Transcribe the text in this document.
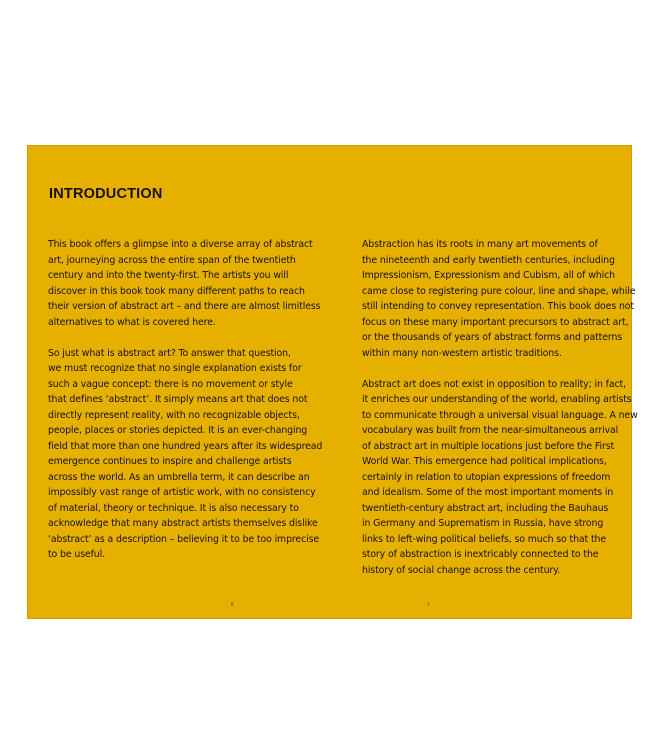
INTRODUCTION
This book offers a glimpse into a diverse array of abstract
art, journeying across the entire span of the twentieth
century and into the twenty-first. The artists you will
discover in this book took many different paths to reach
their version of abstract art – and there are almost limitless
alternatives to what is covered here.
So just what is abstract art? To answer that question,
we must recognize that no single explanation exists for
such a vague concept: there is no movement or style
that defines ‘abstract’. It simply means art that does not
directly represent reality, with no recognizable objects,
people, places or stories depicted. It is an ever-changing
field that more than one hundred years after its widespread
emergence continues to inspire and challenge artists
across the world. As an umbrella term, it can describe an
impossibly vast range of artistic work, with no consistency
of material, theory or technique. It is also necessary to
acknowledge that many abstract artists themselves dislike
‘abstract’ as a description – believing it to be too imprecise
to be useful.
Abstraction has its roots in many art movements of
the nineteenth and early twentieth centuries, including
Impressionism, Expressionism and Cubism, all of which
came close to registering pure colour, line and shape, while
still intending to convey representation. This book does not
focus on these many important precursors to abstract art,
or the thousands of years of abstract forms and patterns
within many non-western artistic traditions.
Abstract art does not exist in opposition to reality; in fact,
it enriches our understanding of the world, enabling artists
to communicate through a universal visual language. A new
vocabulary was built from the near-simultaneous arrival
of abstract art in multiple locations just before the First
World War. This emergence had political implications,
certainly in relation to utopian expressions of freedom
and idealism. Some of the most important moments in
twentieth-century abstract art, including the Bauhaus
in Germany and Suprematism in Russia, have strong
links to left-wing political beliefs, so much so that the
story of abstraction is inextricably connected to the
history of social change across the century.
6	7
